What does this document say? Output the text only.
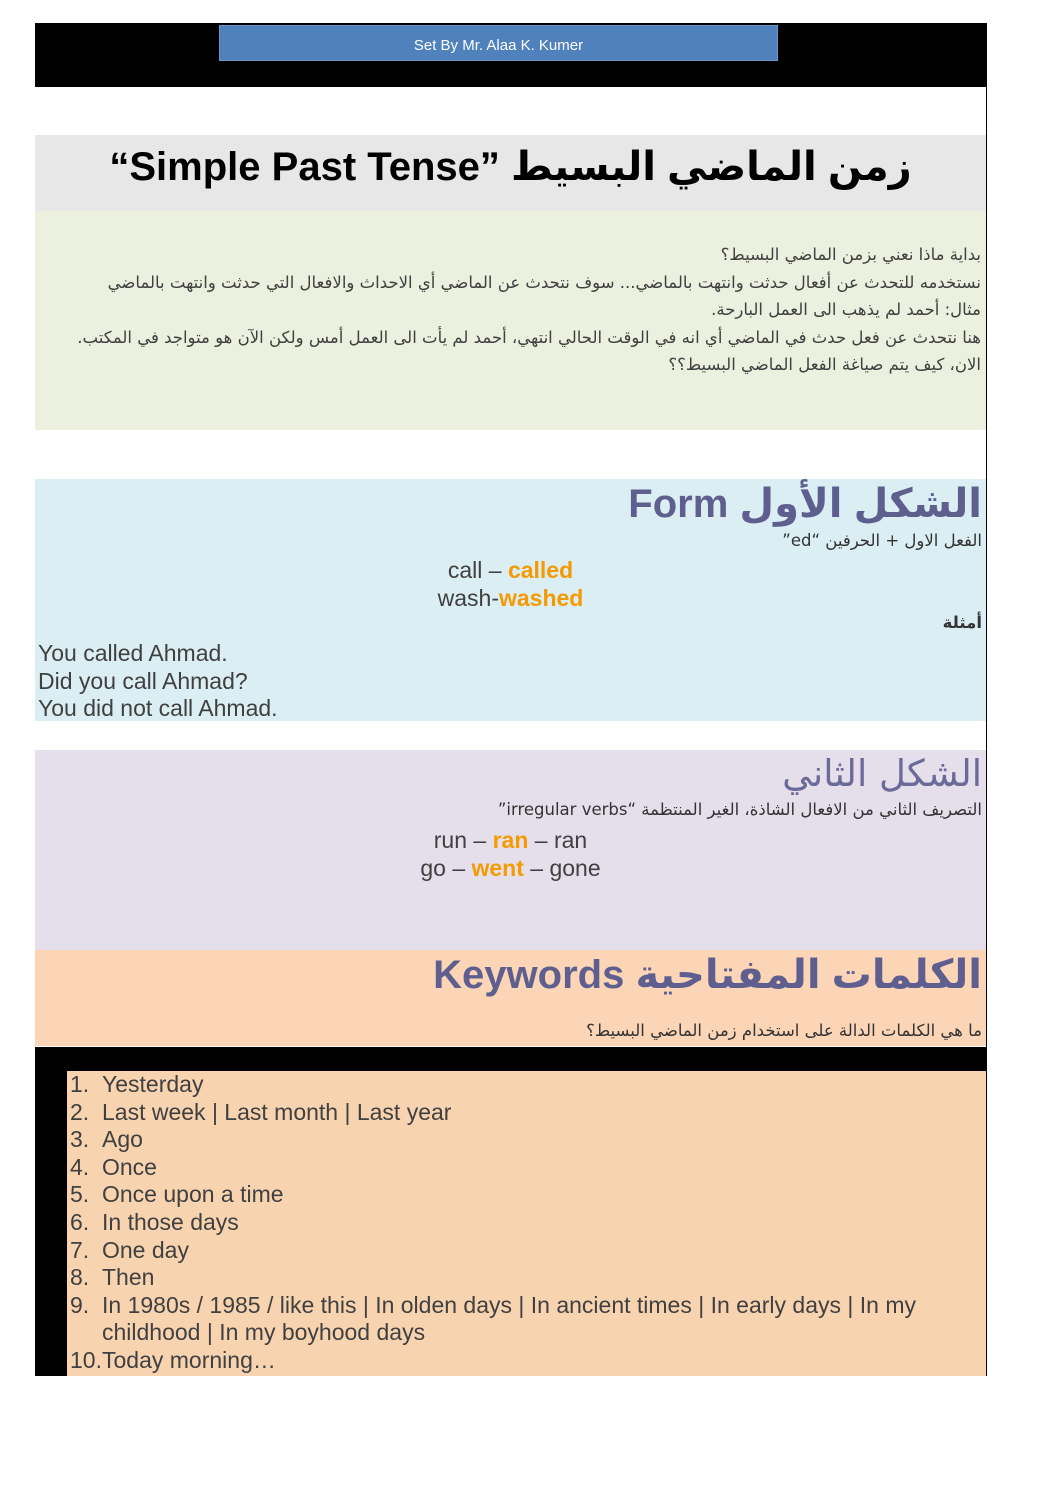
Set By Mr. Alaa K. Kumer
“Simple Past Tense” زمن الماضي البسيط
بداية ماذا نعني بزمن الماضي البسيط؟
نستخدمه للتحدث عن أفعال حدثت وانتهت بالماضي... سوف نتحدث عن الماضي أي الاحداث والافعال التي حدثت وانتهت بالماضي
مثال: أحمد لم يذهب الى العمل البارحة.
هنا نتحدث عن فعل حدث في الماضي أي انه في الوقت الحالي انتهي، أحمد لم يأت الى العمل أمس ولكن الآن هو متواجد في المكتب.
الان، كيف يتم صياغة الفعل الماضي البسيط؟؟
Form الشكل الأول
الفعل الاول + الحرفين “ed”
call – called
wash-washed
أمثلة
You called Ahmad.
Did you call Ahmad?
You did not call Ahmad.
الشكل الثاني
التصريف الثاني من الافعال الشاذة، الغير المنتظمة “irregular verbs”
run – ran – ran
go – went – gone
Keywords الكلمات المفتاحية
ما هي الكلمات الدالة على استخدام زمن الماضي البسيط؟
1. Yesterday
2. Last week | Last month | Last year
3. Ago
4. Once
5. Once upon a time
6. In those days
7. One day
8. Then
9. In 1980s / 1985 / like this | In olden days | In ancient times | In early days | In my childhood | In my boyhood days
10. Today morning…
